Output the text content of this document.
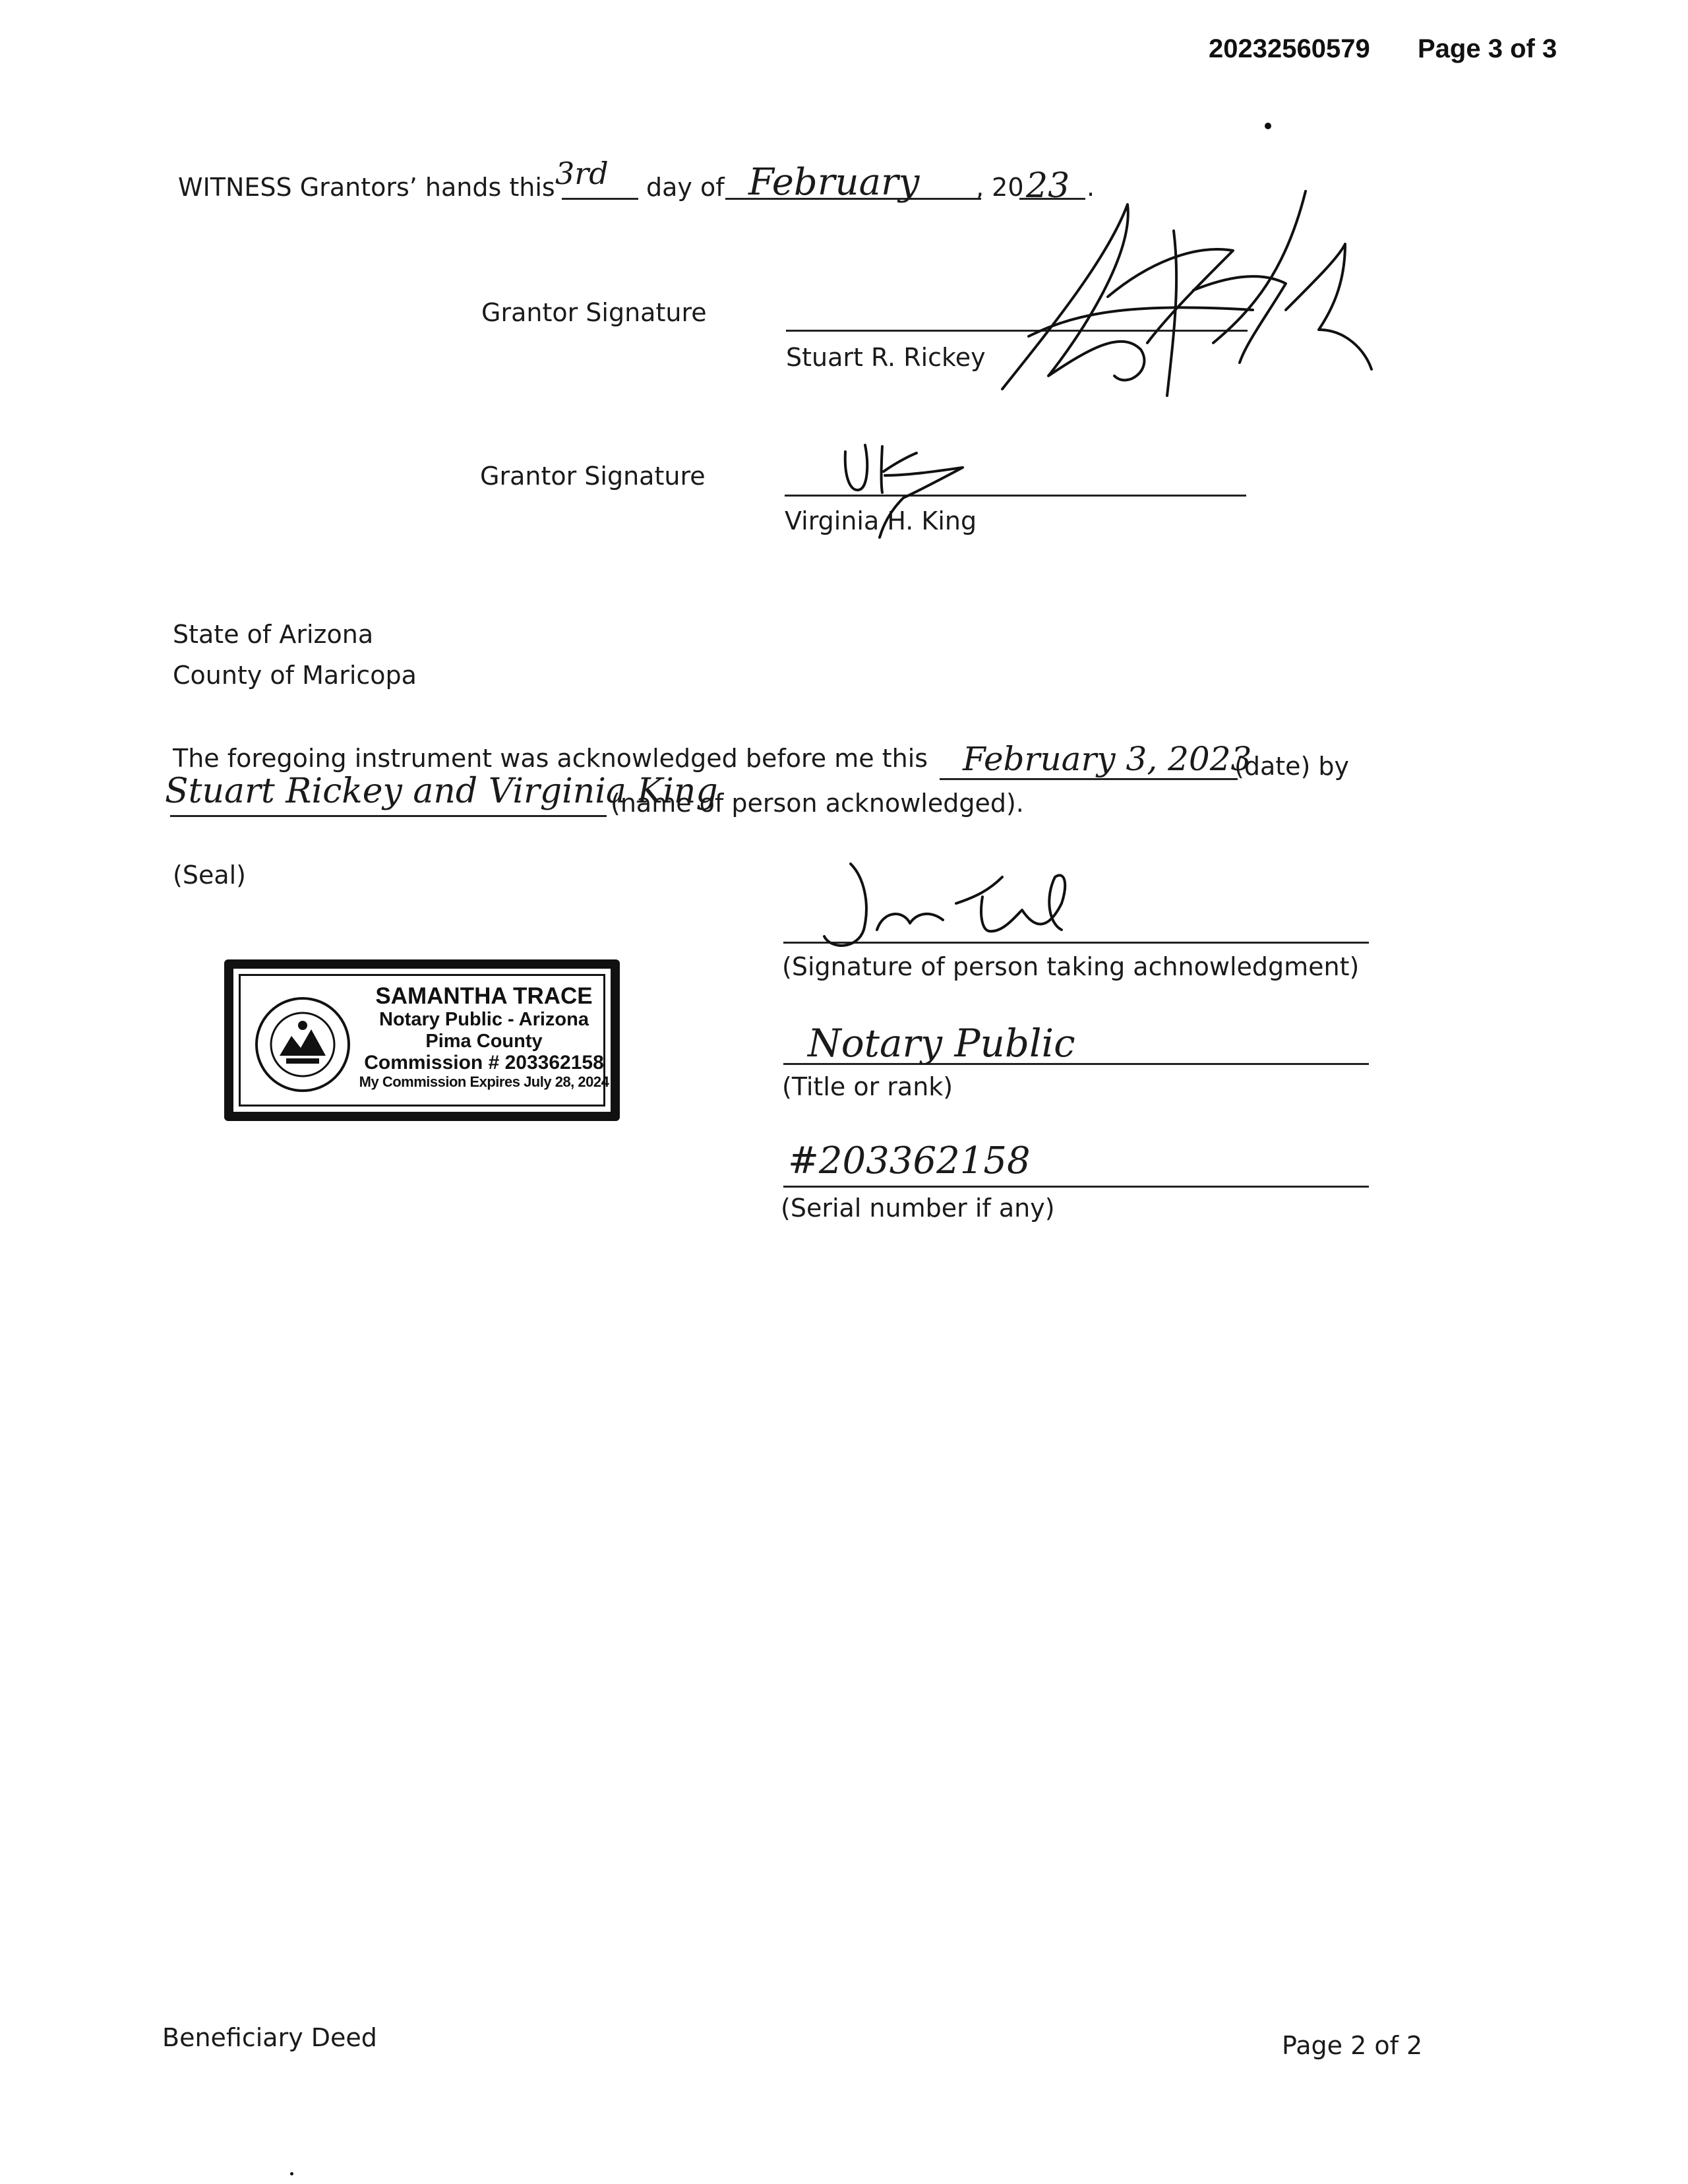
20232560579 Page 3 of 3
WITNESS Grantors’ hands this 3rd day of February , 20 23 .
Grantor Signature
Stuart R. Rickey
Grantor Signature
Virginia H. King
State of Arizona
County of Maricopa
The foregoing instrument was acknowledged before me this February 3, 2023
(date) by
Stuart Rickey and Virginia King
(name of person acknowledged).
(Seal)
SAMANTHA TRACE
Notary Public - Arizona
Pima County
Commission # 203362158
My Commission Expires July 28, 2024
(Signature of person taking achnowledgment)
Notary Public
(Title or rank)
#203362158
(Serial number if any)
Beneficiary Deed	Page 2 of 2
